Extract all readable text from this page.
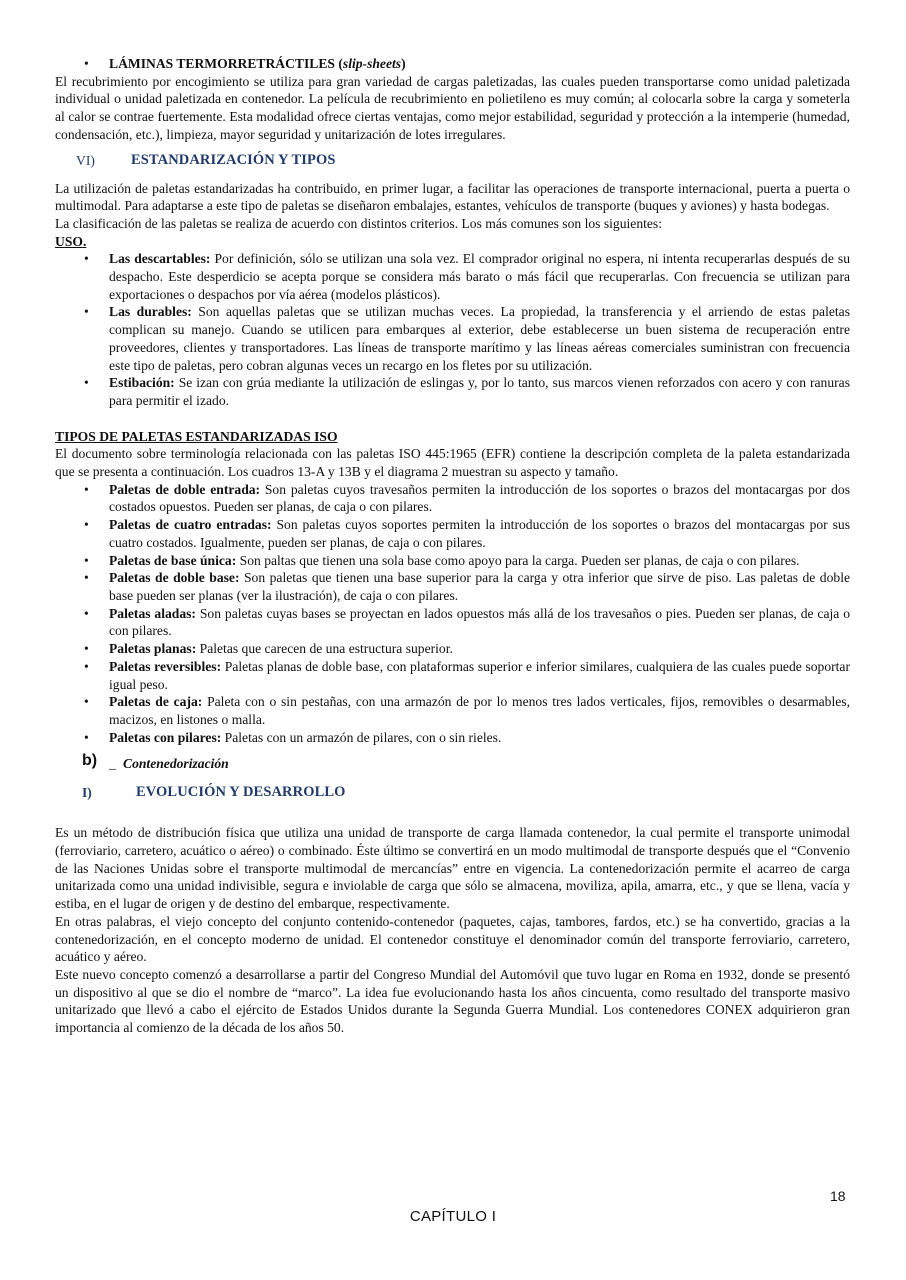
• LÁMINAS TERMORRETRÁCTILES (slip-sheets)

El recubrimiento por encogimiento se utiliza para gran variedad de cargas paletizadas, las cuales pueden transportarse como unidad paletizada individual o unidad paletizada en contenedor. La película de recubrimiento en polietileno es muy común; al colocarla sobre la carga y someterla al calor se contrae fuertemente. Esta modalidad ofrece ciertas ventajas, como mejor estabilidad, seguridad y protección a la intemperie (humedad, condensación, etc.), limpieza, mayor seguridad y unitarización de lotes irregulares.

VI) ESTANDARIZACIÓN Y TIPOS

La utilización de paletas estandarizadas ha contribuido, en primer lugar, a facilitar las operaciones de transporte internacional, puerta a puerta o multimodal. Para adaptarse a este tipo de paletas se diseñaron embalajes, estantes, vehículos de transporte (buques y aviones) y hasta bodegas.

La clasificación de las paletas se realiza de acuerdo con distintos criterios. Los más comunes son los siguientes:

USO.

• Las descartables: Por definición, sólo se utilizan una sola vez. El comprador original no espera, ni intenta recuperarlas después de su despacho. Este desperdicio se acepta porque se considera más barato o más fácil que recuperarlas. Con frecuencia se utilizan para exportaciones o despachos por vía aérea (modelos plásticos).
• Las durables: Son aquellas paletas que se utilizan muchas veces. La propiedad, la transferencia y el arriendo de estas paletas complican su manejo. Cuando se utilicen para embarques al exterior, debe establecerse un buen sistema de recuperación entre proveedores, clientes y transportadores. Las líneas de transporte marítimo y las líneas aéreas comerciales suministran con frecuencia este tipo de paletas, pero cobran algunas veces un recargo en los fletes por su utilización.
• Estibación: Se izan con grúa mediante la utilización de eslingas y, por lo tanto, sus marcos vienen reforzados con acero y con ranuras para permitir el izado.

TIPOS DE PALETAS ESTANDARIZADAS ISO

El documento sobre terminología relacionada con las paletas ISO 445:1965 (EFR) contiene la descripción completa de la paleta estandarizada que se presenta a continuación. Los cuadros 13-A y 13B y el diagrama 2 muestran su aspecto y tamaño.

• Paletas de doble entrada: Son paletas cuyos travesaños permiten la introducción de los soportes o brazos del montacargas por dos costados opuestos. Pueden ser planas, de caja o con pilares.
• Paletas de cuatro entradas: Son paletas cuyos soportes permiten la introducción de los soportes o brazos del montacargas por sus cuatro costados. Igualmente, pueden ser planas, de caja o con pilares.
• Paletas de base única: Son paltas que tienen una sola base como apoyo para la carga. Pueden ser planas, de caja o con pilares.
• Paletas de doble base: Son paletas que tienen una base superior para la carga y otra inferior que sirve de piso. Las paletas de doble base pueden ser planas (ver la ilustración), de caja o con pilares.
• Paletas aladas: Son paletas cuyas bases se proyectan en lados opuestos más allá de los travesaños o pies. Pueden ser planas, de caja o con pilares.
• Paletas planas: Paletas que carecen de una estructura superior.
• Paletas reversibles: Paletas planas de doble base, con plataformas superior e inferior similares, cualquiera de las cuales puede soportar igual peso.
• Paletas de caja: Paleta con o sin pestañas, con una armazón de por lo menos tres lados verticales, fijos, removibles o desarmables, macizos, en listones o malla.
• Paletas con pilares: Paletas con un armazón de pilares, con o sin rieles.
b) _ Contenedorización
I)	EVOLUCIÓN Y DESARROLLO

Es un método de distribución física que utiliza una unidad de transporte de carga llamada contenedor, la cual permite el transporte unimodal (ferroviario, carretero, acuático o aéreo) o combinado. Éste último se convertirá en un modo multimodal de transporte después que el “Convenio de las Naciones Unidas sobre el transporte multimodal de mercancías” entre en vigencia. La contenedorización permite el acarreo de carga unitarizada como una unidad indivisible, segura e inviolable de carga que sólo se almacena, moviliza, apila, amarra, etc., y que se llena, vacía y estiba, en el lugar de origen y de destino del embarque, respectivamente.

En otras palabras, el viejo concepto del conjunto contenido-contenedor (paquetes, cajas, tambores, fardos, etc.) se ha convertido, gracias a la contenedorización, en el concepto moderno de unidad. El contenedor constituye el denominador común del transporte ferroviario, carretero, acuático y aéreo.

Este nuevo concepto comenzó a desarrollarse a partir del Congreso Mundial del Automóvil que tuvo lugar en Roma en 1932, donde se presentó un dispositivo al que se dio el nombre de “marco”. La idea fue evolucionando hasta los años cincuenta, como resultado del transporte masivo unitarizado que llevó a cabo el ejército de Estados Unidos durante la Segunda Guerra Mundial. Los contenedores CONEX adquirieron gran importancia al comienzo de la década de los años 50.

18
CAPÍTULO I
